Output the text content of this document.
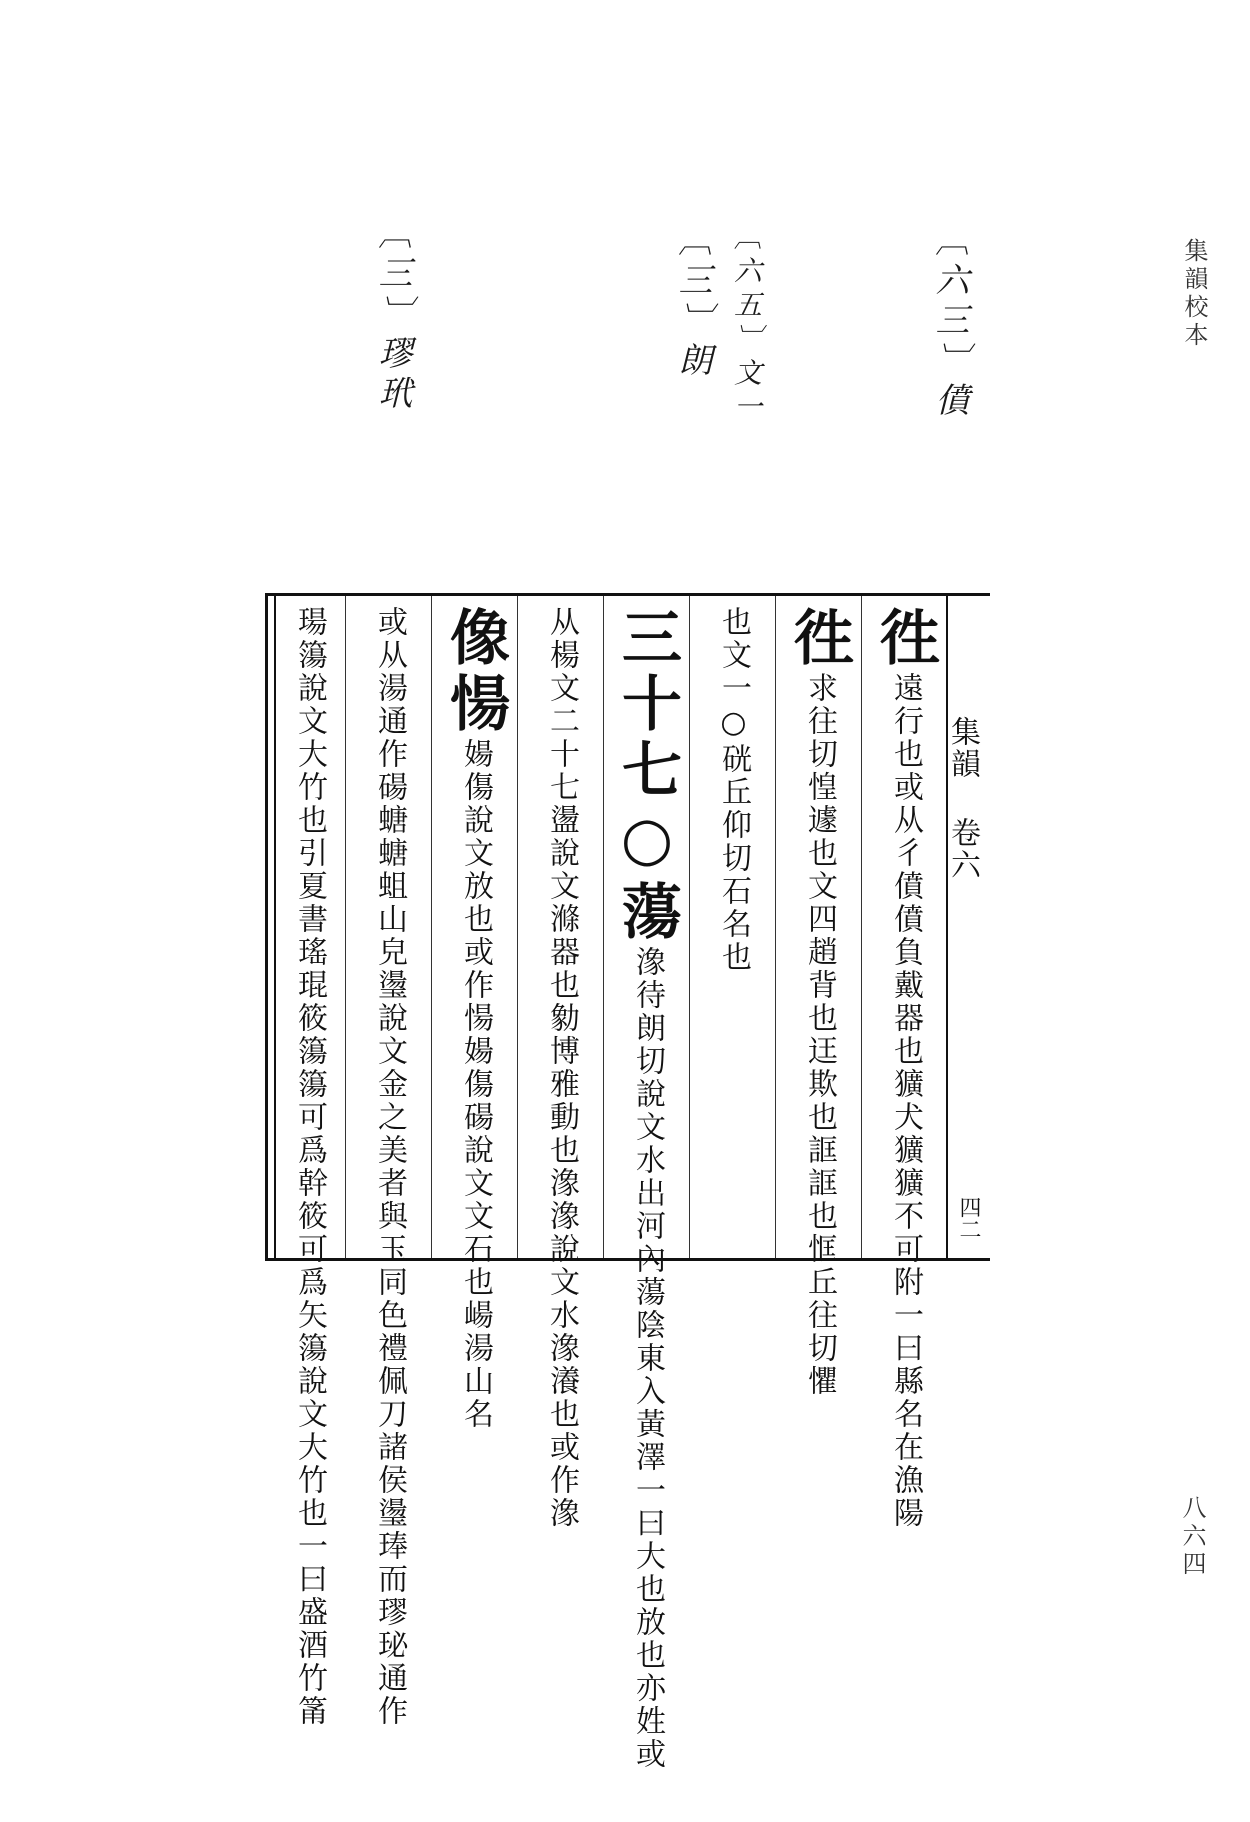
集韻校本
八六四
〔六三〕僨
〔六五〕文一
〔三〕朗
〔三〕璆玳
集韻 卷六
四二
徃遠行也或从彳僨僨負戴器也獷犬獷獷不可附一曰縣名在漁陽
徃求往切惶遽也文四趙背也迋欺也誆誆也恇丘往切懼
也文一○硄丘仰切石名也
三十七○蕩潒待朗切說文水出河內蕩陰東入黃澤一曰大也放也亦姓或
从楊文二十七盪說文滌器也勨博雅動也潒潒說文水潒瀁也或作潒
像愓婸傷說文放也或作愓婸傷碭說文文石也崵湯山名
或从湯通作碭螗螗蛆山皃璗說文金之美者與玉同色禮佩刀諸侯璗琫而璆珌通作
瑒簜說文大竹也引夏書瑤琨筱簜簜可爲幹筱可爲矢簜說文大竹也一曰盛酒竹筩
